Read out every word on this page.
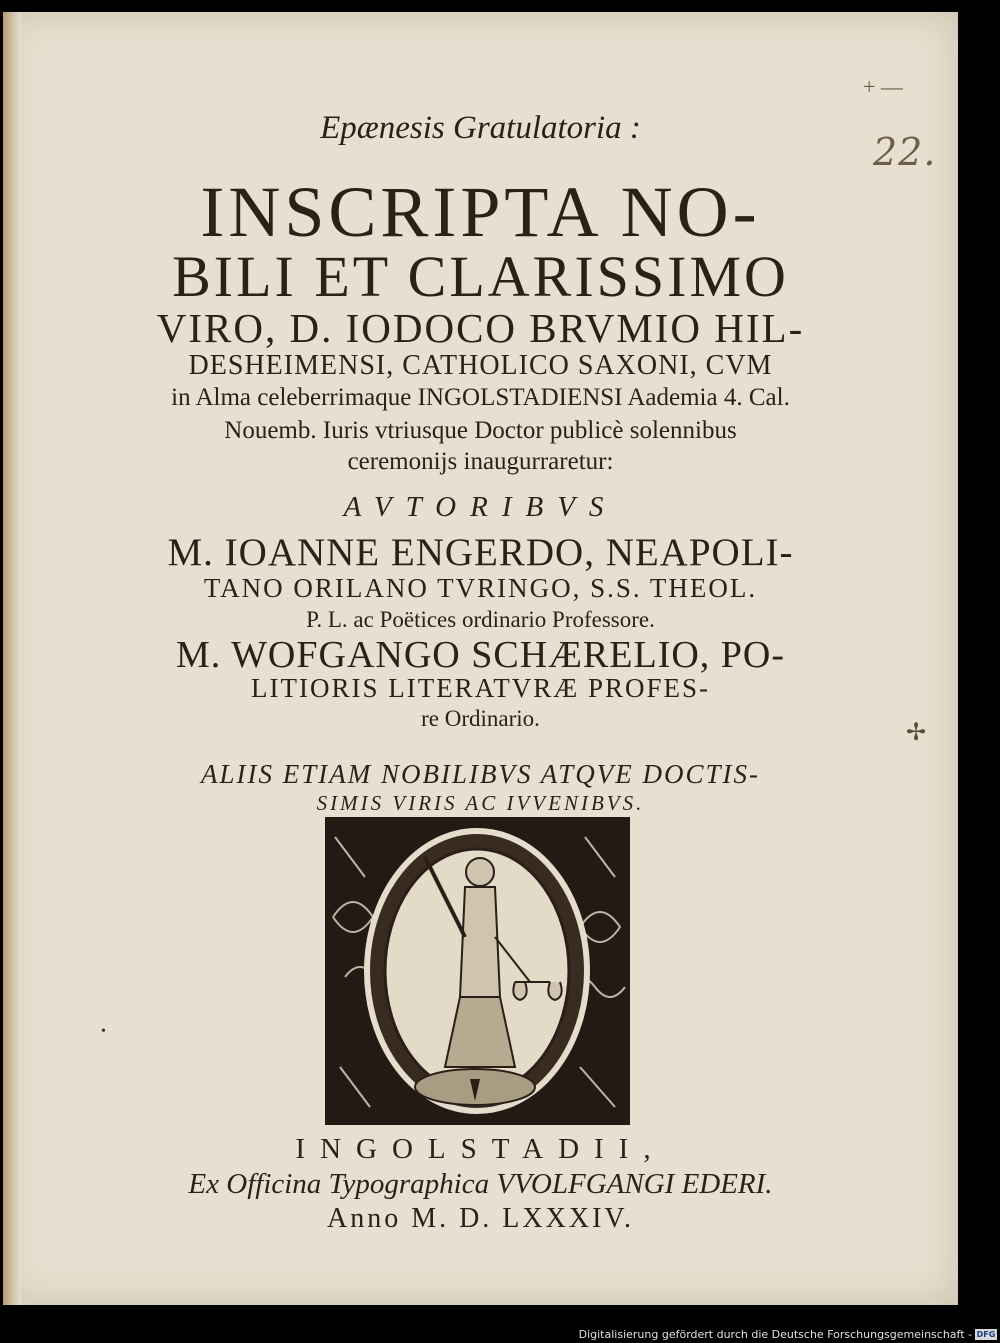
+ —
22.
✢
•
Epænesis Gratulatoria :
INSCRIPTA NO-
BILI ET CLARISSIMO
VIRO, D. IODOCO BRVMIO HIL-
DESHEIMENSI, CATHOLICO SAXONI, CVM
in Alma celeberrimaque INGOLSTADIENSI Aademia 4. Cal.
Nouemb. Iuris vtriusque Doctor publicè solennibus
ceremonijs inaugurraretur:
AVTORIBVS
M. IOANNE ENGERDO, NEAPOLI-
TANO ORILANO TVRINGO, S.S. THEOL.
P. L. ac Poëtices ordinario Professore.
M. WOFGANGO SCHÆRELIO, PO-
LITIORIS LITERATVRÆ PROFES-
re Ordinario.
ALIIS ETIAM NOBILIBVS ATQVE DOCTIS-
SIMIS VIRIS AC IVVENIBVS.
INGOLSTADII,
Ex Officina Typographica VVOLFGANGI EDERI.
Anno M. D. LXXXIV.
Digitalisierung gefördert durch die Deutsche Forschungsgemeinschaft - DFG
